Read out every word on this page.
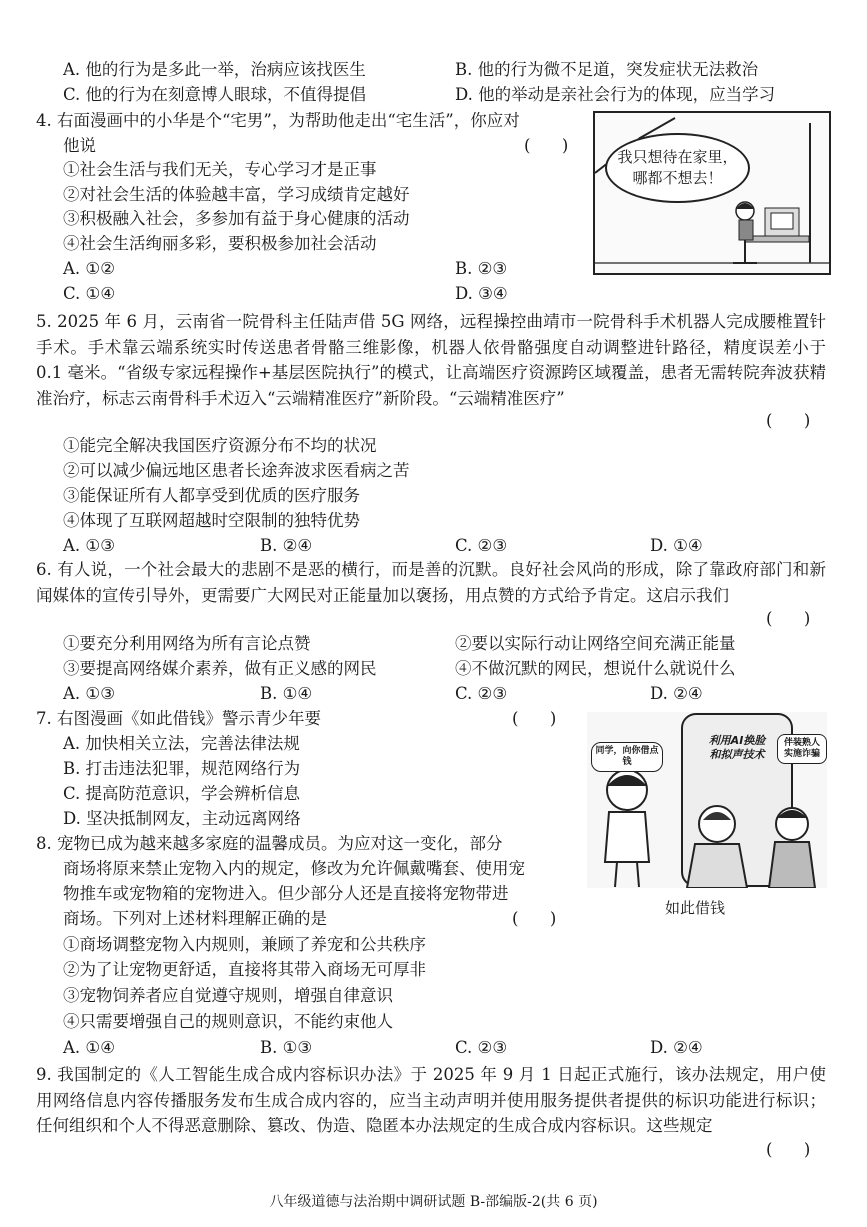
A. 他的行为是多此一举，治病应该找医生	B. 他的行为微不足道，突发症状无法救治
C. 他的行为在刻意博人眼球，不值得提倡	D. 他的举动是亲社会行为的体现，应当学习
4. 右面漫画中的小华是个“宅男”，为帮助他走出“宅生活”，你应对
他说	(      )
①社会生活与我们无关，专心学习才是正事
②对社会生活的体验越丰富，学习成绩肯定越好
③积极融入社会，多参加有益于身心健康的活动
④社会生活绚丽多彩，要积极参加社会活动
A. ①②	B. ②③
C. ①④	D. ③④
我只想待在家里，
哪都不想去！
5. 2025 年 6 月，云南省一院骨科主任陆声借 5G 网络，远程操控曲靖市一院骨科手术机器人完成腰椎置针手术。手术靠云端系统实时传送患者骨骼三维影像，机器人依骨骼强度自动调整进针路径，精度误差小于 0.1 毫米。“省级专家远程操作+基层医院执行”的模式，让高端医疗资源跨区域覆盖，患者无需转院奔波获精准治疗，标志云南骨科手术迈入“云端精准医疗”新阶段。“云端精准医疗”
(      )
①能完全解决我国医疗资源分布不均的状况
②可以减少偏远地区患者长途奔波求医看病之苦
③能保证所有人都享受到优质的医疗服务
④体现了互联网超越时空限制的独特优势
A. ①③	B. ②④	C. ②③	D. ①④
6. 有人说，一个社会最大的悲剧不是恶的横行，而是善的沉默。良好社会风尚的形成，除了靠政府部门和新闻媒体的宣传引导外，更需要广大网民对正能量加以褒扬，用点赞的方式给予肯定。这启示我们
(      )
①要充分利用网络为所有言论点赞	②要以实际行动让网络空间充满正能量
③要提高网络媒介素养，做有正义感的网民	④不做沉默的网民，想说什么就说什么
A. ①③	B. ①④	C. ②③	D. ②④
7. 右图漫画《如此借钱》警示青少年要	(      )
A. 加快相关立法，完善法律法规
B. 打击违法犯罪，规范网络行为
C. 提高防范意识，学会辨析信息
D. 坚决抵制网友，主动远离网络
同学，向你借点钱
利用AI换脸
和拟声技术
伴装熟人
实施诈骗
如此借钱
8. 宠物已成为越来越多家庭的温馨成员。为应对这一变化，部分
商场将原来禁止宠物入内的规定，修改为允许佩戴嘴套、使用宠
物推车或宠物箱的宠物进入。但少部分人还是直接将宠物带进
商场。下列对上述材料理解正确的是	(      )
①商场调整宠物入内规则，兼顾了养宠和公共秩序
②为了让宠物更舒适，直接将其带入商场无可厚非
③宠物饲养者应自觉遵守规则，增强自律意识
④只需要增强自己的规则意识，不能约束他人
A. ①④	B. ①③	C. ②③	D. ②④
9. 我国制定的《人工智能生成合成内容标识办法》于 2025 年 9 月 1 日起正式施行，该办法规定，用户使用网络信息内容传播服务发布生成合成内容的，应当主动声明并使用服务提供者提供的标识功能进行标识；任何组织和个人不得恶意删除、篡改、伪造、隐匿本办法规定的生成合成内容标识。这些规定
(      )
八年级道德与法治期中调研试题 B-部编版-2(共 6 页)
